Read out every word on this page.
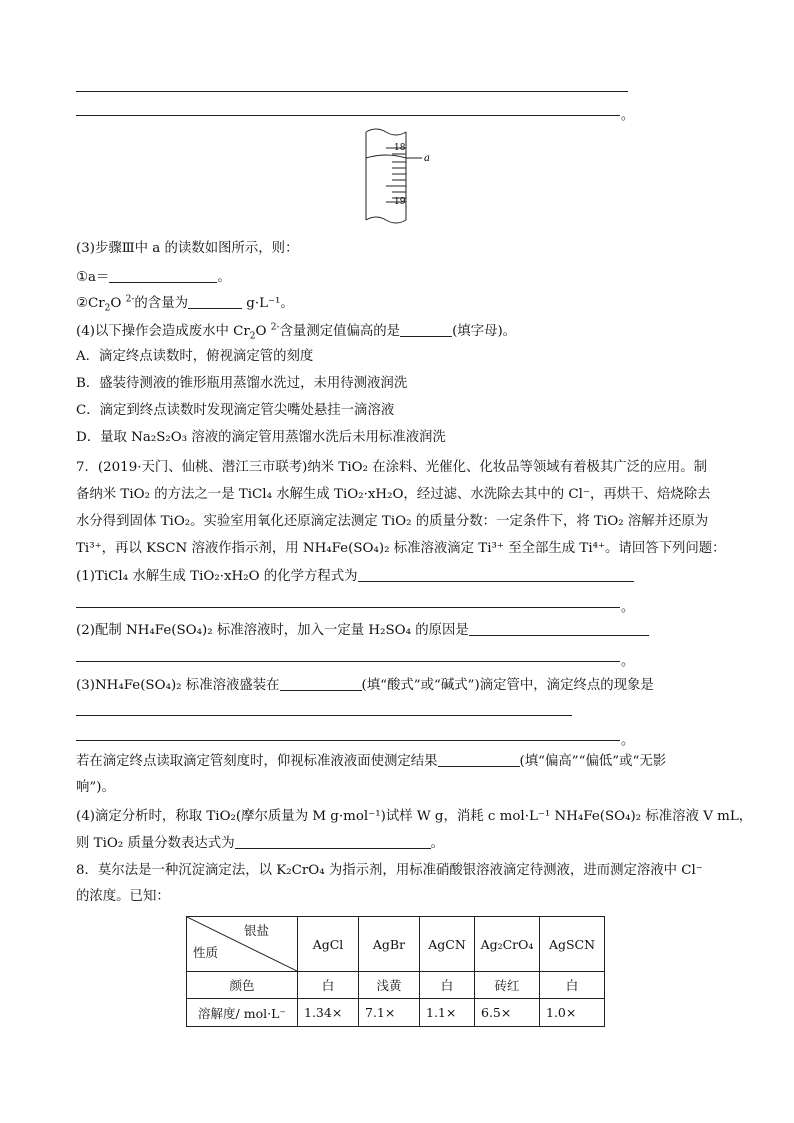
。
18
19
a
(3)步骤Ⅲ中 a 的读数如图所示，则：
①a＝	。
$②Cr_2O$ $^{2-}$的含量为	g·L⁻¹。
(4)以下操作会造成废水中 $Cr_2O$ $^{2-}$含量测定值偏高的是	(填字母)。
A．滴定终点读数时，俯视滴定管的刻度
B．盛装待测液的锥形瓶用蒸馏水洗过，未用待测液润洗
C．滴定到终点读数时发现滴定管尖嘴处悬挂一滴溶液
D．量取 Na₂S₂O₃ 溶液的滴定管用蒸馏水洗后未用标准液润洗
7．(2019·天门、仙桃、潜江三市联考)纳米 TiO₂ 在涂料、光催化、化妆品等领域有着极其广泛的应用。制
备纳米 TiO₂ 的方法之一是 TiCl₄ 水解生成 TiO₂·xH₂O，经过滤、水洗除去其中的 Cl⁻，再烘干、焙烧除去
水分得到固体 TiO₂。实验室用氧化还原滴定法测定 TiO₂ 的质量分数：一定条件下，将 TiO₂ 溶解并还原为
Ti³⁺，再以 KSCN 溶液作指示剂，用 NH₄Fe(SO₄)₂ 标准溶液滴定 Ti³⁺ 至全部生成 Ti⁴⁺。请回答下列问题：
(1)TiCl₄ 水解生成 TiO₂·xH₂O 的化学方程式为
。
(2)配制 NH₄Fe(SO₄)₂ 标准溶液时，加入一定量 H₂SO₄ 的原因是
。
(3)NH₄Fe(SO₄)₂ 标准溶液盛装在	(填“酸式”或“碱式”)滴定管中，滴定终点的现象是
。
若在滴定终点读取滴定管刻度时，仰视标准液液面使测定结果	(填“偏高”“偏低”或“无影
响”)。
(4)滴定分析时，称取 TiO₂(摩尔质量为 M g·mol⁻¹)试样 W g，消耗 c mol·L⁻¹ NH₄Fe(SO₄)₂ 标准溶液 V mL，
则 TiO₂ 质量分数表达式为	。
8．莫尔法是一种沉淀滴定法，以 K₂CrO₄ 为指示剂，用标准硝酸银溶液滴定待测液，进而测定溶液中 Cl⁻
的浓度。已知：
银盐
性质	AgCl	AgBr	AgCN	Ag₂CrO₄	AgSCN
颜色	白	浅黄	白	砖红	白
溶解度/ mol·L⁻	1.34×	7.1×	1.1×	6.5×	1.0×
